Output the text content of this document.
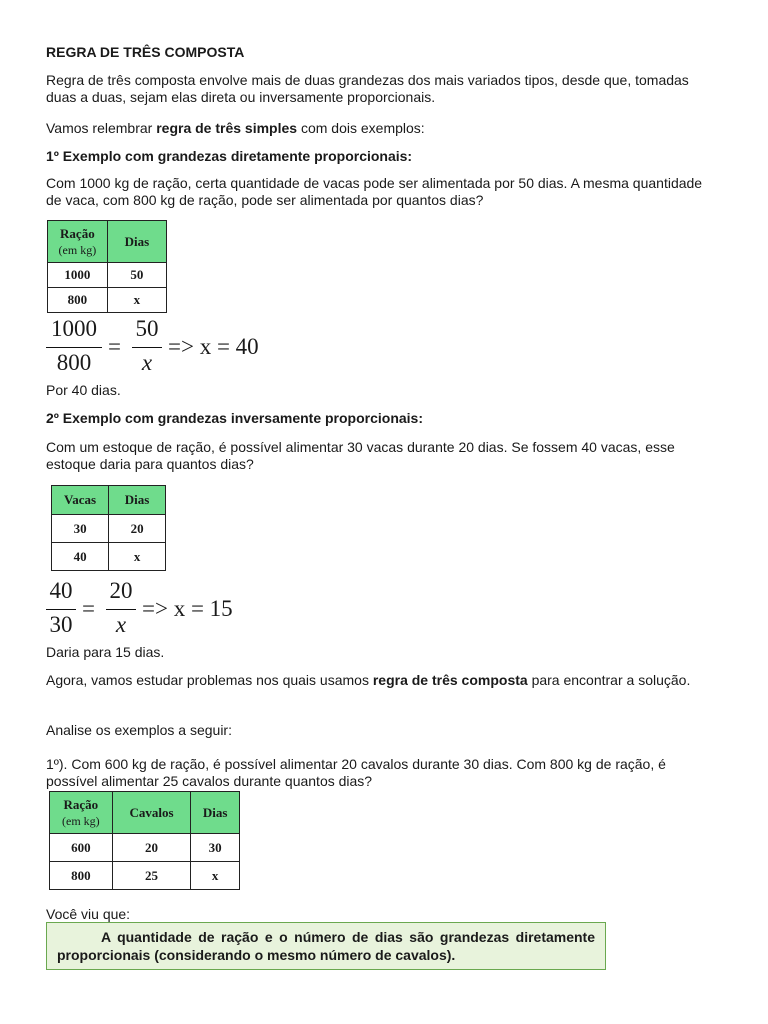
REGRA DE TRÊS COMPOSTA

Regra de três composta envolve mais de duas grandezas dos mais variados tipos, desde que, tomadas duas a duas, sejam elas direta ou inversamente proporcionais.

Vamos relembrar regra de três simples com dois exemplos:

1º Exemplo com grandezas diretamente proporcionais:

Com 1000 kg de ração, certa quantidade de vacas pode ser alimentada por 50 dias. A mesma quantidade de vaca, com 800 kg de ração, pode ser alimentada por quantos dias?

Ração
(em kg)	Dias
1000	50
800	x
1000
800
=
50
x
=> x = 40

Por 40 dias.

2º Exemplo com grandezas inversamente proporcionais:

Com um estoque de ração, é possível alimentar 30 vacas durante 20 dias. Se fossem 40 vacas, esse estoque daria para quantos dias?

Vacas	Dias
30	20
40	x
40
30
=
20
x
=> x = 15

Daria para 15 dias.

Agora, vamos estudar problemas nos quais usamos regra de três composta para encontrar a solução.

Analise os exemplos a seguir:

1º). Com 600 kg de ração, é possível alimentar 20 cavalos durante 30 dias. Com 800 kg de ração, é possível alimentar 25 cavalos durante quantos dias?

Ração
(em kg)	Cavalos	Dias
600	20	30
800	25	x

Você viu que:

A quantidade de ração e o número de dias são grandezas diretamente proporcionais (considerando o mesmo número de cavalos).
